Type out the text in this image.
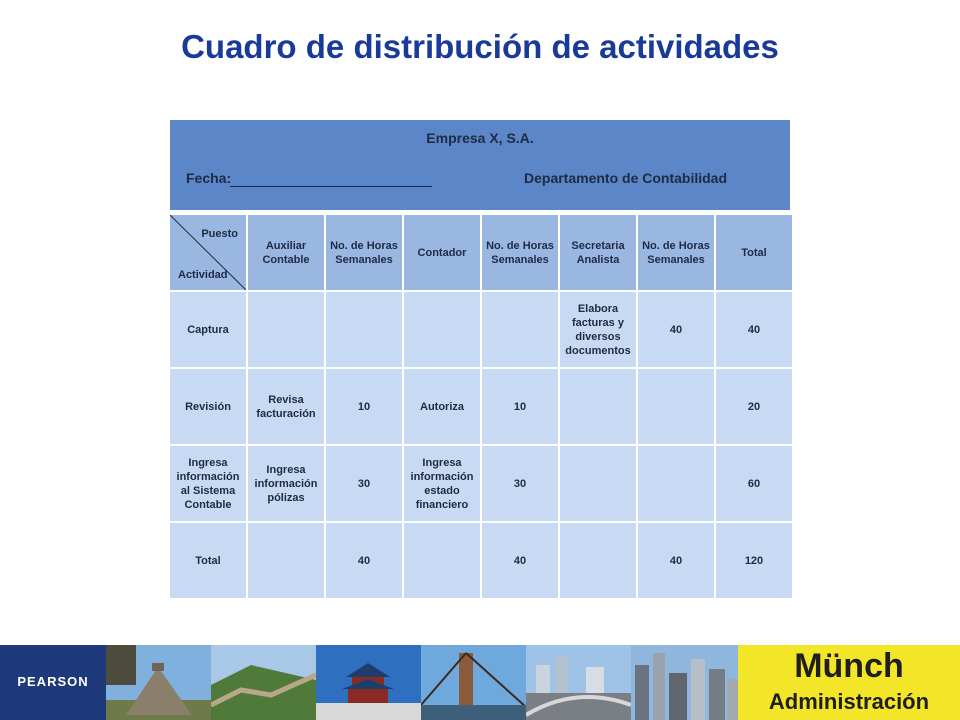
Cuadro de distribución de actividades
Empresa X, S.A.
Fecha:	Departamento de Contabilidad
Puesto
Actividad	Auxiliar Contable	No. de Horas Semanales	Contador	No. de Horas Semanales	Secretaria Analista	No. de Horas Semanales	Total
Captura					Elabora facturas y diversos documentos	40	40
Revisión	Revisa facturación	10	Autoriza	10			20
Ingresa información al Sistema Contable	Ingresa información pólizas	30	Ingresa información estado financiero	30			60
Total		40		40		40	120
PEARSON	Münch
Administración
